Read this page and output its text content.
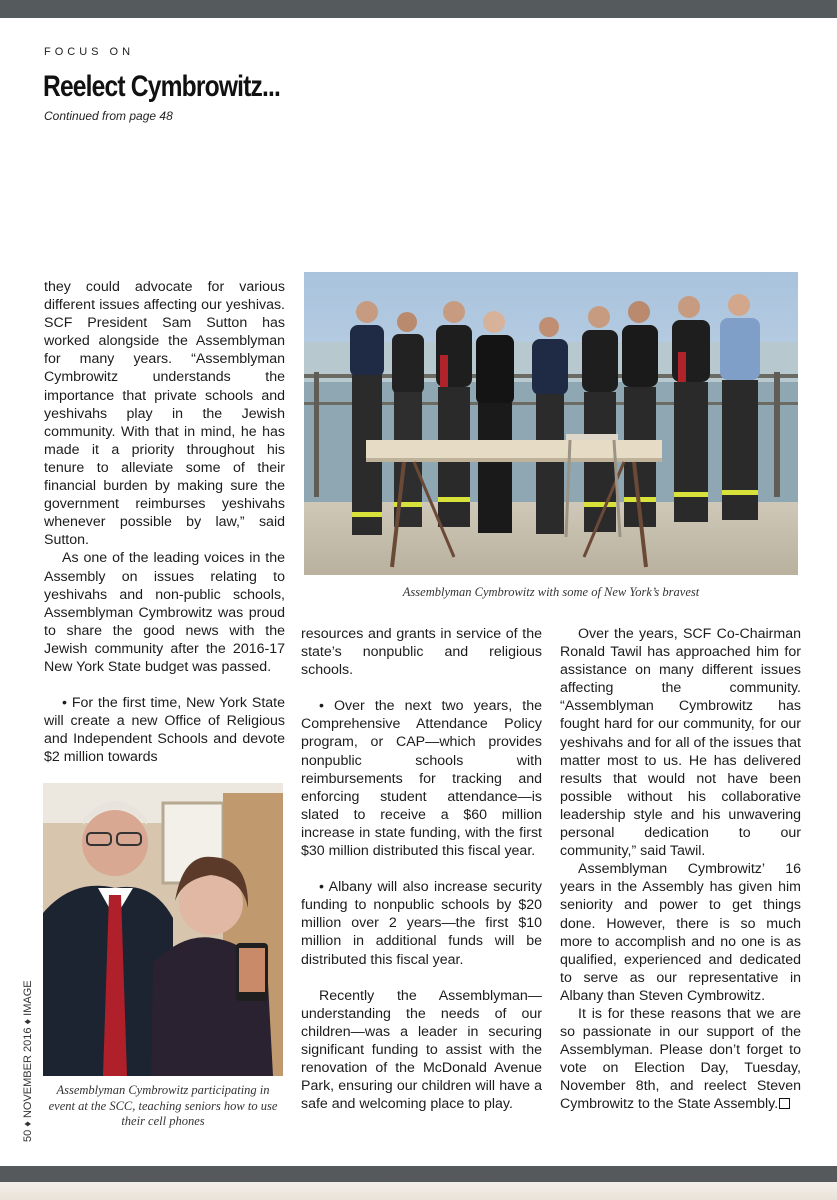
FOCUS ON
Reelect Cymbrowitz...
Continued from page 48

they could advocate for various different issues affecting our yeshivas. SCF President Sam Sutton has worked alongside the Assemblyman for many years. “Assemblyman Cymbrowitz understands the importance that private schools and yeshivahs play in the Jewish community. With that in mind, he has made it a priority throughout his tenure to alleviate some of their financial burden by making sure the government reimburses yeshivahs whenever possible by law,” said Sutton.

As one of the leading voices in the Assembly on issues relating to yeshivahs and non-public schools, Assemblyman Cymbrowitz was proud to share the good news with the Jewish community after the 2016-17 New York State budget was passed.

• For the first time, New York State will create a new Office of Religious and Independent Schools and devote $2 million towards

Assemblyman Cymbrowitz with some of New York’s bravest

resources and grants in service of the state’s nonpublic and religious schools.

• Over the next two years, the Comprehensive Attendance Policy program, or CAP—which provides nonpublic schools with reimbursements for tracking and enforcing student attendance—is slated to receive a $60 million increase in state funding, with the first $30 million distributed this fiscal year.

• Albany will also increase security funding to nonpublic schools by $20 million over 2 years—the first $10 million in additional funds will be distributed this fiscal year.

Recently the Assemblyman—understanding the needs of our children—was a leader in securing significant funding to assist with the renovation of the McDonald Avenue Park, ensuring our children will have a safe and welcoming place to play.

Over the years, SCF Co-Chairman Ronald Tawil has approached him for assistance on many different issues affecting the community. “Assemblyman Cymbrowitz has fought hard for our community, for our yeshivahs and for all of the issues that matter most to us. He has delivered results that would not have been possible without his collaborative leadership style and his unwavering personal dedication to our community,” said Tawil.

Assemblyman Cymbrowitz’ 16 years in the Assembly has given him seniority and power to get things done. However, there is so much more to accomplish and no one is as qualified, experienced and dedicated to serve as our representative in Albany than Steven Cymbrowitz.

It is for these reasons that we are so passionate in our support of the Assemblyman. Please don’t forget to vote on Election Day, Tuesday, November 8th, and reelect Steven Cymbrowitz to the State Assembly.

Assemblyman Cymbrowitz participating in event at the SCC, teaching seniors how to use their cell phones
50 ♦ NOVEMBER 2016 ♦ IMAGE
